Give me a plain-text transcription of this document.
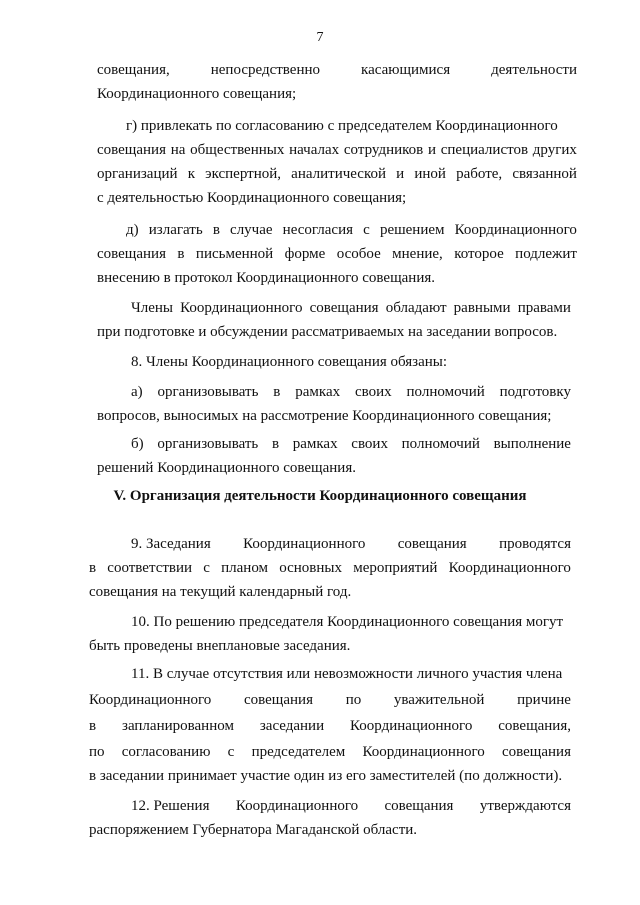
7
V. Организация деятельности Координационного совещания
совещания,	непосредственно	касающимися	деятельности
Координационного совещания;
г) привлекать по согласованию с председателем Координационного
совещания на общественных началах сотрудников и специалистов других
организаций к экспертной, аналитической и иной работе, связанной
с деятельностью Координационного совещания;
д) излагать в случае несогласия с решением Координационного
совещания в письменной форме особое мнение, которое подлежит
внесению в протокол Координационного совещания.
Члены Координационного совещания обладают равными правами
при подготовке и обсуждении рассматриваемых на заседании вопросов.
8. Члены Координационного совещания обязаны:
а) организовывать в рамках своих полномочий подготовку
вопросов, выносимых на рассмотрение Координационного совещания;
б) организовывать в рамках своих полномочий выполнение
решений Координационного совещания.
9. Заседания Координационного совещания проводятся
в соответствии с планом основных мероприятий Координационного
совещания на текущий календарный год.
10. По решению председателя Координационного совещания могут
быть проведены внеплановые заседания.
11. В случае отсутствия или невозможности личного участия члена
Координационного совещания по уважительной причине
в запланированном заседании Координационного совещания,
по согласованию с председателем Координационного совещания
в заседании принимает участие один из его заместителей (по должности).
12. Решения Координационного совещания утверждаются
распоряжением Губернатора Магаданской области.
